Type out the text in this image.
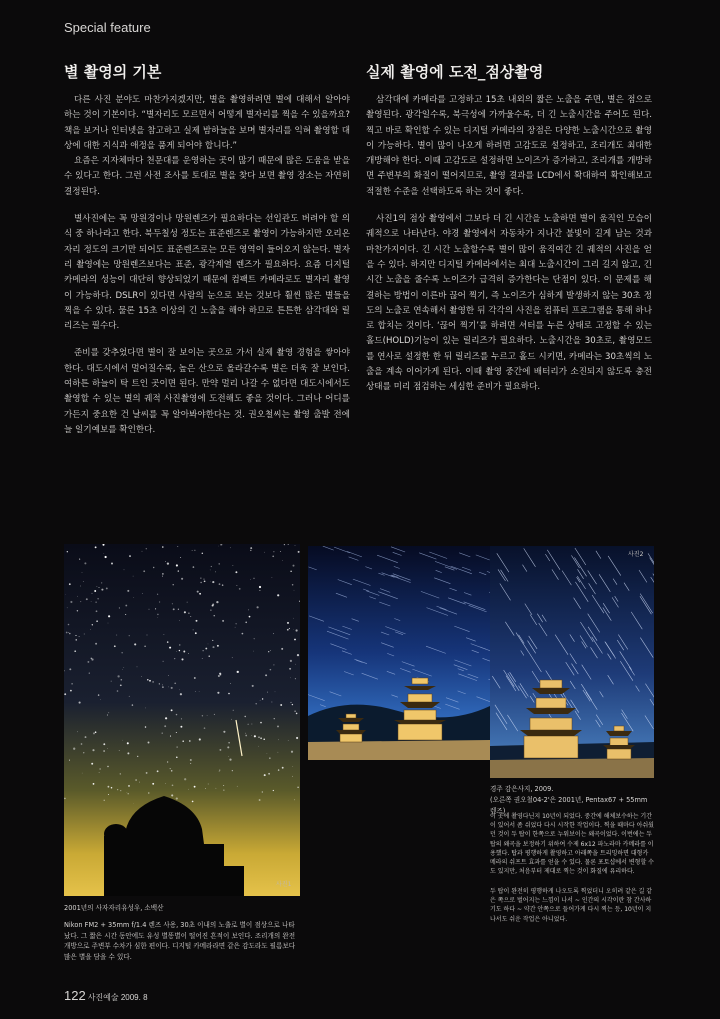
Special feature
별 촬영의 기본

다른 사진 분야도 마찬가지겠지만, 별을 촬영하려면 별에 대해서 알아야 하는 것이 기본이다. “별자리도 모르면서 어떻게 별자리를 찍을 수 있을까요? 책을 보거나 인터넷을 참고하고 실제 밤하늘을 보며 별자리를 익혀 촬영할 대상에 대한 지식과 애정을 품게 되어야 합니다.”

요즘은 지자체마다 천문대를 운영하는 곳이 많기 때문에 많은 도움을 받을 수 있다고 한다. 그런 사전 조사를 토대로 별을 찾다 보면 촬영 장소는 자연히 결정된다.

별사진에는 꼭 망원경이나 망원렌즈가 필요하다는 선입관도 버려야 할 의식 중 하나라고 한다. 북두칠성 정도는 표준렌즈로 촬영이 가능하지만 오리온자리 정도의 크기만 되어도 표준렌즈로는 모든 영역이 들어오지 않는다. 별자리 촬영에는 망원렌즈보다는 표준, 광각계열 렌즈가 필요하다. 요즘 디지털 카메라의 성능이 대단히 향상되었기 때문에 컴팩트 카메라로도 별자리 촬영이 가능하다. DSLR이 있다면 사람의 눈으로 보는 것보다 훨씬 많은 별들을 찍을 수 있다. 물론 15초 이상의 긴 노출을 해야 하므로 튼튼한 삼각대와 릴리즈는 필수다.

준비를 갖추었다면 별이 잘 보이는 곳으로 가서 실제 촬영 경험을 쌓아야 한다. 대도시에서 멀어질수록, 높은 산으로 올라갈수록 별은 더욱 잘 보인다. 여하튼 하늘이 탁 트인 곳이면 된다. 만약 멀리 나갈 수 없다면 대도시에서도 촬영할 수 있는 별의 궤적 사진촬영에 도전해도 좋을 것이다. 그러나 어디를 가든지 중요한 건 날씨를 꼭 알아봐야한다는 것. 권오철씨는 촬영 출발 전에 늘 일기예보를 확인한다.

실제 촬영에 도전_점상촬영

삼각대에 카메라를 고정하고 15초 내외의 짧은 노출을 주면, 별은 점으로 촬영된다. 광각일수록, 북극성에 가까울수록, 더 긴 노출시간을 주어도 된다. 찍고 바로 확인할 수 있는 디지털 카메라의 장점은 다양한 노출시간으로 촬영이 가능하다. 별이 많이 나오게 하려면 고감도로 설정하고, 조리개도 최대한 개방해야 한다. 이때 고감도로 설정하면 노이즈가 증가하고, 조리개를 개방하면 주변부의 화질이 떨어지므로, 촬영 결과를 LCD에서 확대하여 확인해보고 적절한 수준을 선택하도록 하는 것이 좋다.

사진1의 점상 촬영에서 그보다 더 긴 시간을 노출하면 별이 움직인 모습이 궤적으로 나타난다. 야경 촬영에서 자동차가 지나간 불빛이 길게 남는 것과 마찬가지이다. 긴 시간 노출할수록 별이 많이 움직여간 긴 궤적의 사진을 얻을 수 있다. 하지만 디지털 카메라에서는 최대 노출시간이 그리 길지 않고, 긴 시간 노출을 줄수록 노이즈가 급격히 증가한다는 단점이 있다. 이 문제를 해결하는 방법이 이른바 끊어 찍기, 즉 노이즈가 심하게 발생하지 않는 30초 정도의 노출로 연속해서 촬영한 뒤 각각의 사진을 컴퓨터 프로그램을 통해 하나로 합치는 것이다. ‘끊어 찍기’를 하려면 셔터를 누른 상태로 고정할 수 있는 홀드(HOLD)기능이 있는 릴리즈가 필요하다. 노출시간을 30초로, 촬영모드를 연사로 설정한 한 뒤 릴리즈를 누르고 홀드 시키면, 카메라는 30초씩의 노출을 계속 이어가게 된다. 이때 촬영 중간에 배터리가 소진되지 않도록 충전 상태를 미리 점검하는 세심한 준비가 필요하다.

사진1
사진2
2001년의 사자자리유성우, 소백산
Nikon FM2 + 35mm f/1.4 렌즈 사용, 30초 이내의 노출로 별이 점상으로 나타났다. 그 짧은 시간 동안에도 유성 별똥별이 떨어진 흔적이 보인다. 조리개의 완전개방으로 주변부 수차가 심한 편이다. 디지털 카메라라면 같은 감도라도 필름보다 많은 별을 담을 수 있다.
경주 감은사지, 2009.
(오른쪽 권오철04-2'은 2001년, Pentax67 + 55mm 렌즈)
이 곳에 촬영다닌지 10년이 되었다. 중간에 해체보수하는 기간이 있어서 좀 쉬었다 다시 시작한 작업이다. 찍을 때마다 아쉬웠던 것이 두 탑이 한쪽으로 누워보이는 왜곡이었다. 이번에는 두 탑의 왜곡을 보정하기 위하여 수제 6x12 파노라마 카메라를 이용했다. 탑과 평행하게 촬영하고 아래쪽을 트리밍하면 대형카메라의 쉬프트 효과를 얻을 수 있다. 물론 포토샵에서 변형할 수도 있지만, 처음부터 제대로 찍는 것이 화질에 유리하다.
두 탑이 완전히 평행하게 나오도록 찍었더니 오히려 같은 길 같은 쪽으로 벌어지는 느낌이 나서 ~ 인간의 시각이란 참 간사하기도 하다 ~ 약간 안쪽으로 들어가게 다시 찍는 등, 10년이 지나서도 쉬운 작업은 아니었다.
122 사진예술 2009. 8
